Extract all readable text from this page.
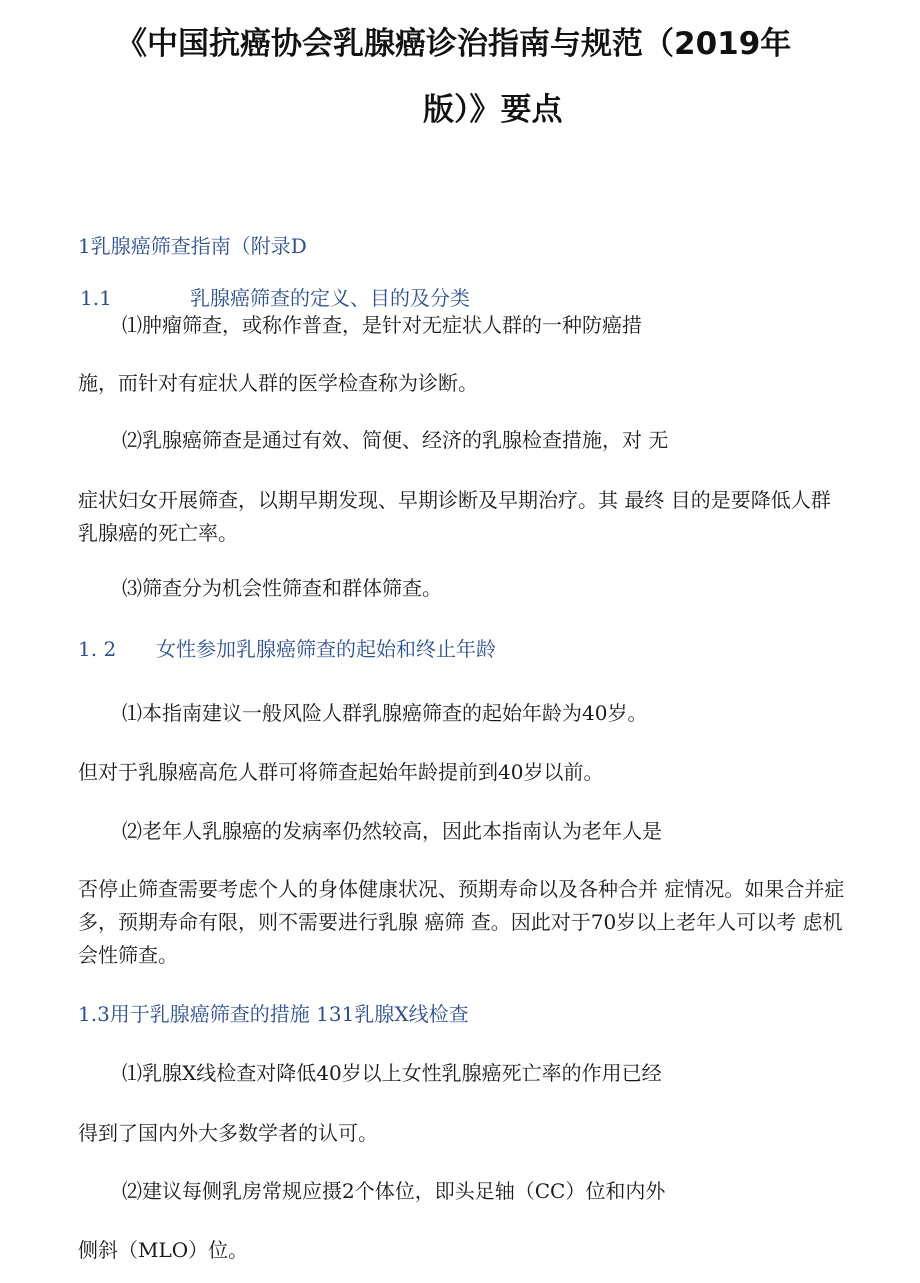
《中国抗癌协会乳腺癌诊治指南与规范（2019年
版）》要点
1乳腺癌筛查指南（附录D
1.1	乳腺癌筛查的定义、目的及分类
⑴肿瘤筛查，或称作普查，是针对无症状人群的一种防癌措
施，而针对有症状人群的医学检查称为诊断。
⑵乳腺癌筛查是通过有效、简便、经济的乳腺检查措施，对 无
症状妇女开展筛查，以期早期发现、早期诊断及早期治疗。其 最终 目的是要降低人群乳腺癌的死亡率。
⑶筛查分为机会性筛查和群体筛查。
1. 2 女性参加乳腺癌筛查的起始和终止年龄
⑴本指南建议一般风险人群乳腺癌筛查的起始年龄为40岁。
但对于乳腺癌高危人群可将筛查起始年龄提前到40岁以前。
⑵老年人乳腺癌的发病率仍然较高，因此本指南认为老年人是
否停止筛查需要考虑个人的身体健康状况、预期寿命以及各种合并 症情况。如果合并症多，预期寿命有限，则不需要进行乳腺 癌筛 查。因此对于70岁以上老年人可以考 虑机会性筛查。
1.3用于乳腺癌筛查的措施 131乳腺X线检查
⑴乳腺X线检查对降低40岁以上女性乳腺癌死亡率的作用已经
得到了国内外大多数学者的认可。
⑵建议每侧乳房常规应摄2个体位，即头足轴（CC）位和内外
侧斜（MLO）位。
